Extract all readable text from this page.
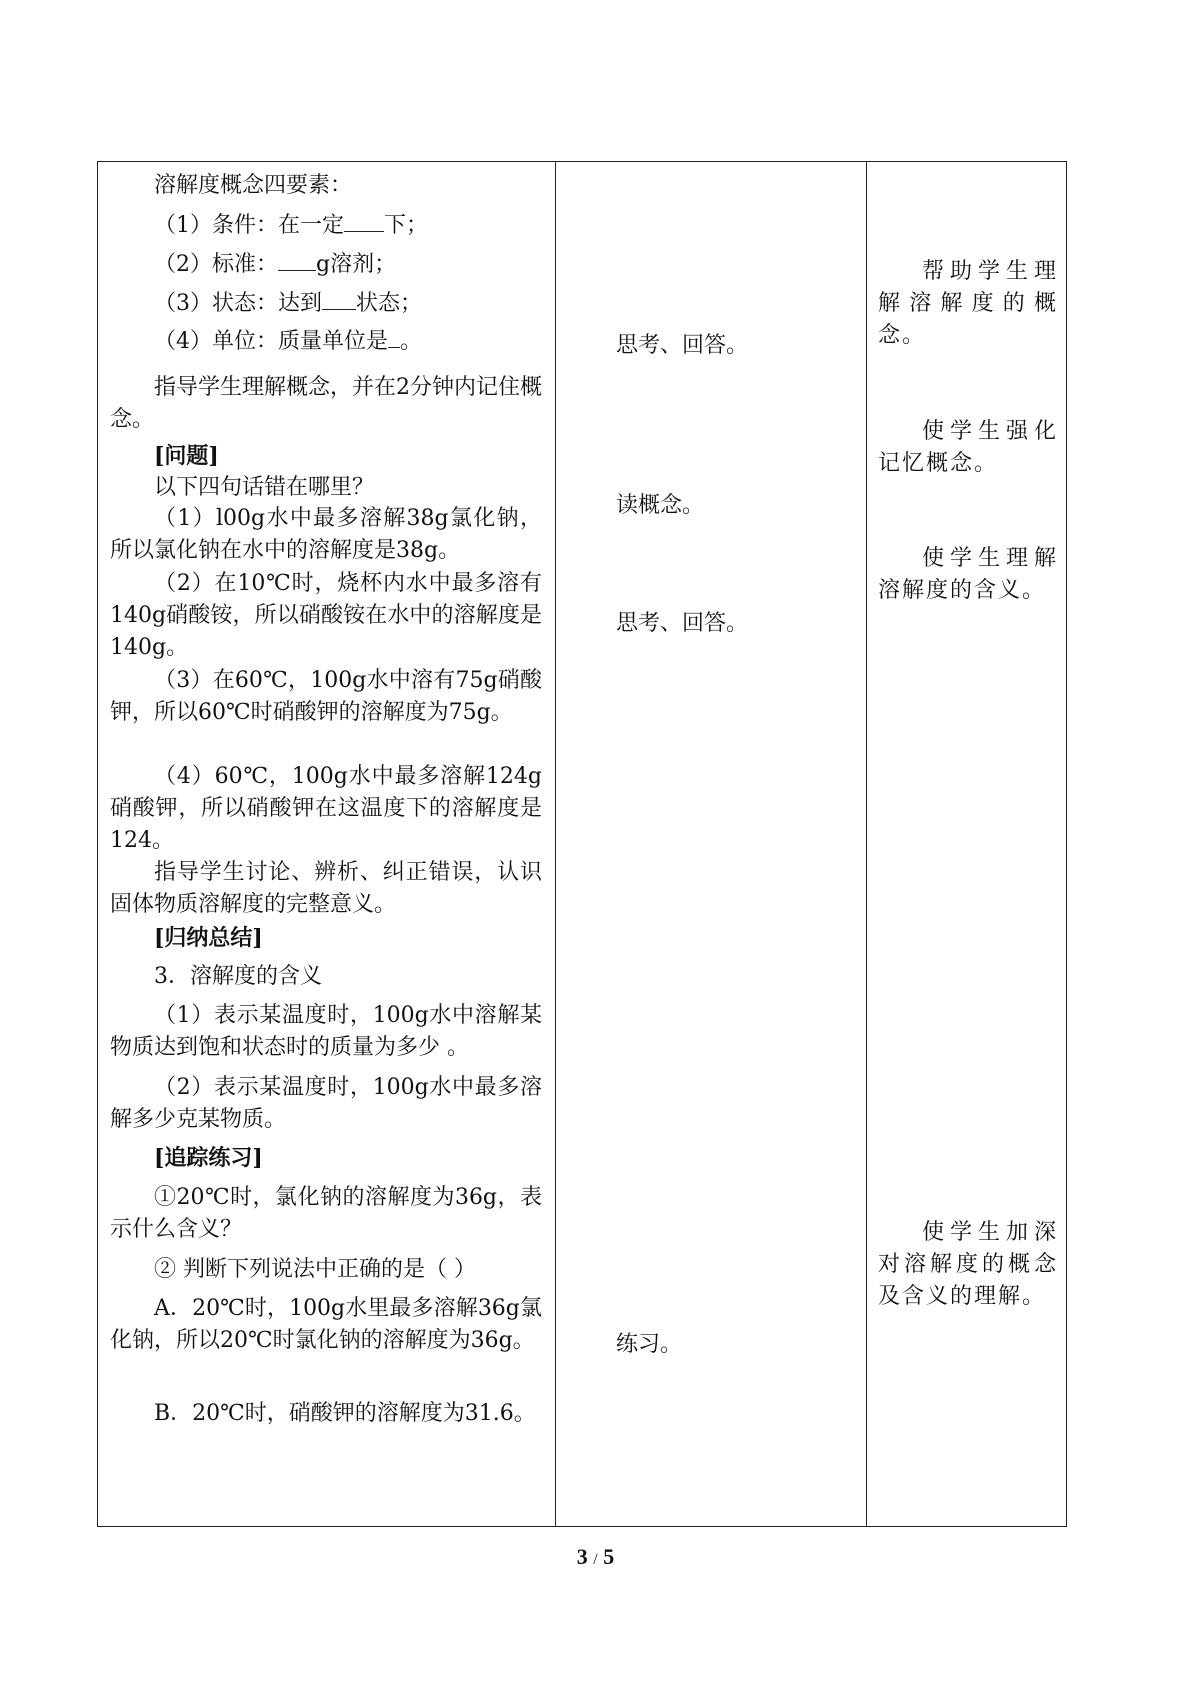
溶解度概念四要素：

（1）条件：在一定 下；

（2）标准： g溶剂；

（3）状态：达到 状态；

（4）单位：质量单位是 。

指导学生理解概念，并在2分钟内记住概念。

[问题]

以下四句话错在哪里？

（1）l00g水中最多溶解38g氯化钠，所以氯化钠在水中的溶解度是38g。

（2）在10℃时，烧杯内水中最多溶有140g硝酸铵，所以硝酸铵在水中的溶解度是140g。

（3）在60℃，100g水中溶有75g硝酸钾，所以60℃时硝酸钾的溶解度为75g。

（4）60℃，100g水中最多溶解124g硝酸钾，所以硝酸钾在这温度下的溶解度是124。

指导学生讨论、辨析、纠正错误，认识固体物质溶解度的完整意义。

[归纳总结]

3．溶解度的含义

（1）表示某温度时，100g水中溶解某物质达到饱和状态时的质量为多少 。

（2）表示某温度时，100g水中最多溶解多少克某物质。

[追踪练习]

①20℃时，氯化钠的溶解度为36g，表示什么含义？

② 判断下列说法中正确的是（ ）

A．20℃时，100g水里最多溶解36g氯化钠，所以20℃时氯化钠的溶解度为36g。

B．20℃时，硝酸钾的溶解度为31.6。

思考、回答。

读概念。

思考、回答。

练习。

帮助学生理解溶解度的概念。

使学生强化记忆概念。

使学生理解溶解度的含义。

使学生加深对溶解度的概念及含义的理解。

3 / 5
